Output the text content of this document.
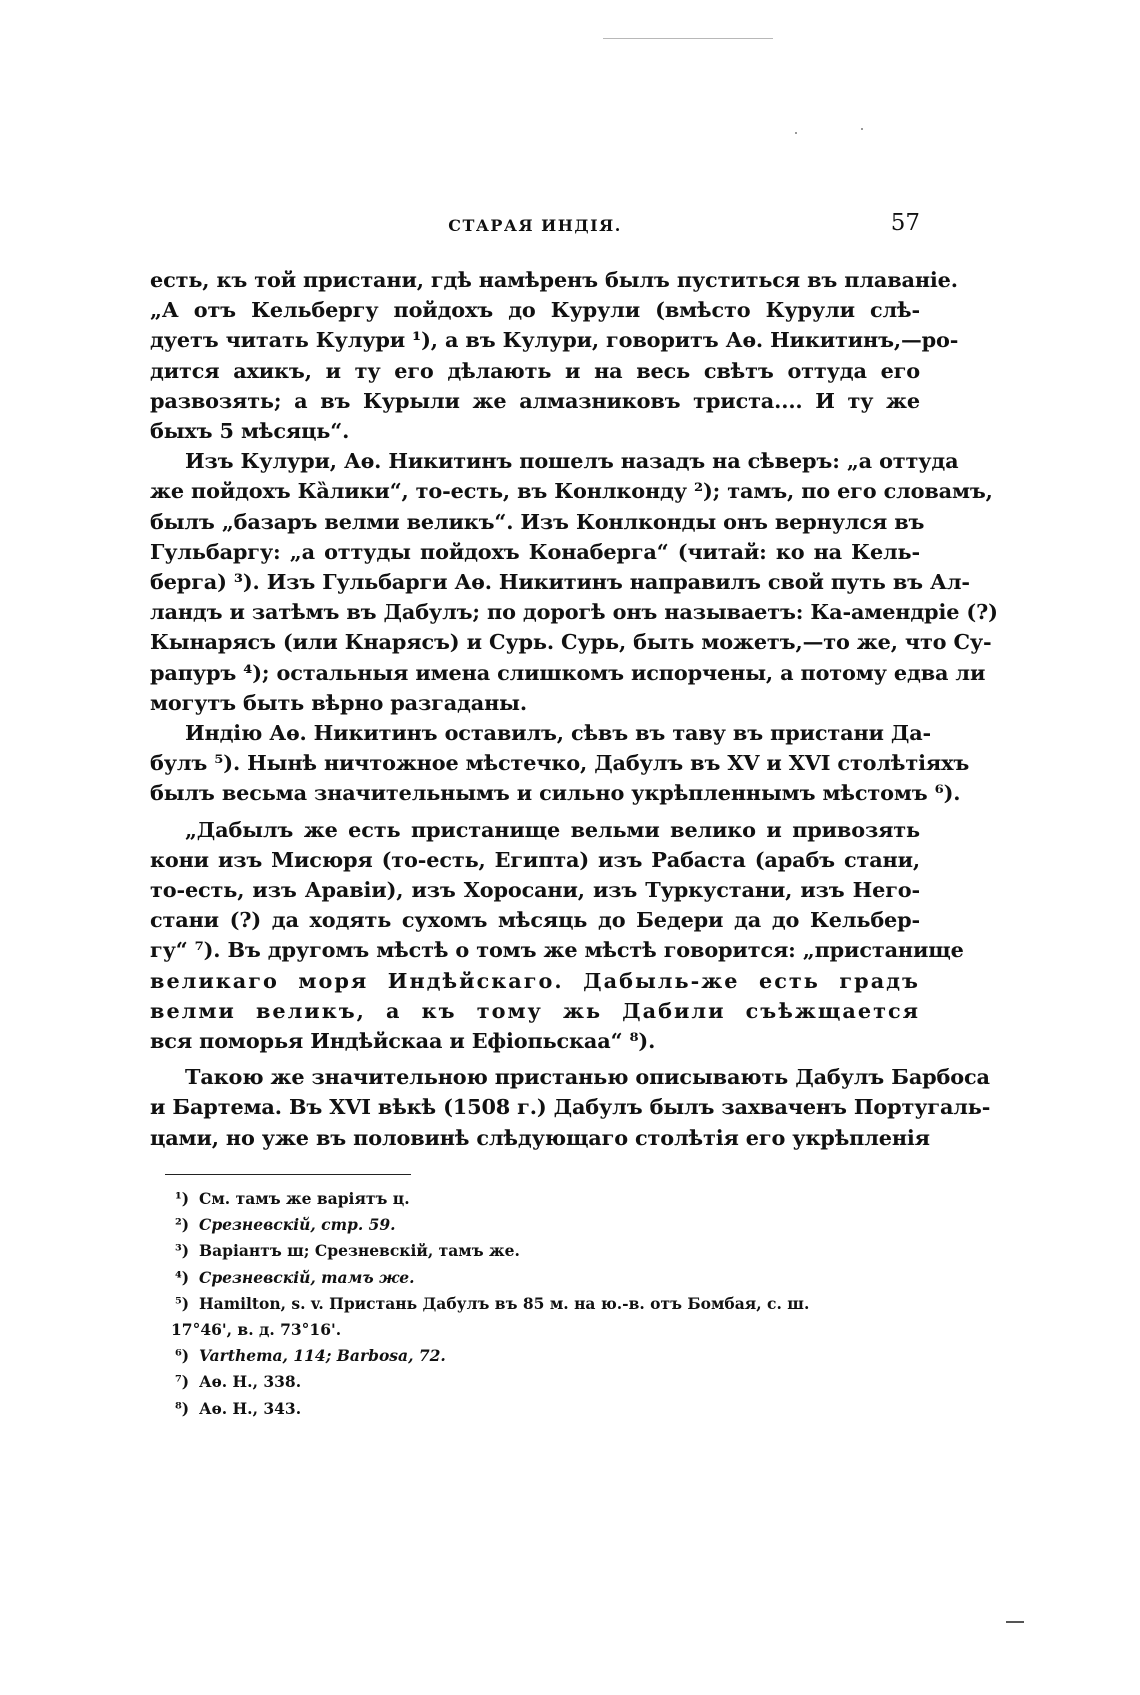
СТАРАЯ ИНДІЯ.	57
есть, къ той пристани, гдѣ намѣренъ былъ пуститься въ плаваніе.
„А отъ Кельбергу пойдохъ до Курули (вмѣсто Курули слѣ-
дуетъ читать Кулури ¹), а въ Кулури, говоритъ Аѳ. Никитинъ,—ро-
дится ахикъ, и ту его дѣлають и на весь свѣтъ оттуда его
развозять; а въ Курыли же алмазниковъ триста.... И ту же
быхъ 5 мѣсяць“.
Изъ Кулури, Аѳ. Никитинъ пошелъ назадъ на сѣверъ: „а оттуда
же пойдохъ Кȁлики“, то-есть, въ Конлконду ²); тамъ, по его словамъ,
былъ „базаръ велми великъ“. Изъ Конлконды онъ вернулся въ
Гульбаргу: „а оттуды пойдохъ Конаберга“ (читай: ко на Кель-
берга) ³). Изъ Гульбарги Аѳ. Никитинъ направилъ свой путь въ Ал-
ландъ и затѣмъ въ Дабулъ; по дорогѣ онъ называетъ: Ка-амендріе (?)
Кынарясъ (или Кнарясъ) и Сурь. Сурь, быть можетъ,—то же, что Су-
рапуръ ⁴); остальныя имена слишкомъ испорчены, а потому едва ли
могутъ быть вѣрно разгаданы.
Индію Аѳ. Никитинъ оставилъ, сѣвъ въ таву въ пристани Да-
булъ ⁵). Нынѣ ничтожное мѣстечко, Дабулъ въ XV и XVI столѣтіяхъ
былъ весьма значительнымъ и сильно укрѣпленнымъ мѣстомъ ⁶).
„Дабылъ же есть пристанище вельми велико и привозять
кони изъ Мисюря (то-есть, Египта) изъ Рабаста (арабъ стани,
то-есть, изъ Аравіи), изъ Хоросани, изъ Туркустани, изъ Него-
стани (?) да ходять сухомъ мѣсяць до Бедери да до Кельбер-
гу“ ⁷). Въ другомъ мѣстѣ о томъ же мѣстѣ говорится: „пристанище
великаго моря Индѣйскаго. Дабыль-же есть градъ
велми великъ, а къ тому жь Дабили съѣжщается
вся поморья Индѣйскаа и Ефіопьскаа“ ⁸).
Такою же значительною пристанью описывають Дабулъ Барбоса
и Бартема. Въ XVI вѣкѣ (1508 г.) Дабулъ былъ захваченъ Португаль-
цами, но уже въ половинѣ слѣдующаго столѣтія его укрѣпленія
¹) См. тамъ же варіятъ ц.
²) Срезневскій, стр. 59.
³) Варіантъ ш; Срезневскій, тамъ же.
⁴) Срезневскій, тамъ же.
⁵) Hamilton, s. v. Пристань Дабулъ въ 85 м. на ю.-в. отъ Бомбая, с. ш.
17°46', в. д. 73°16'.
⁶) Varthema, 114; Barbosa, 72.
⁷) Аѳ. Н., 338.
⁸) Аѳ. Н., 343.
